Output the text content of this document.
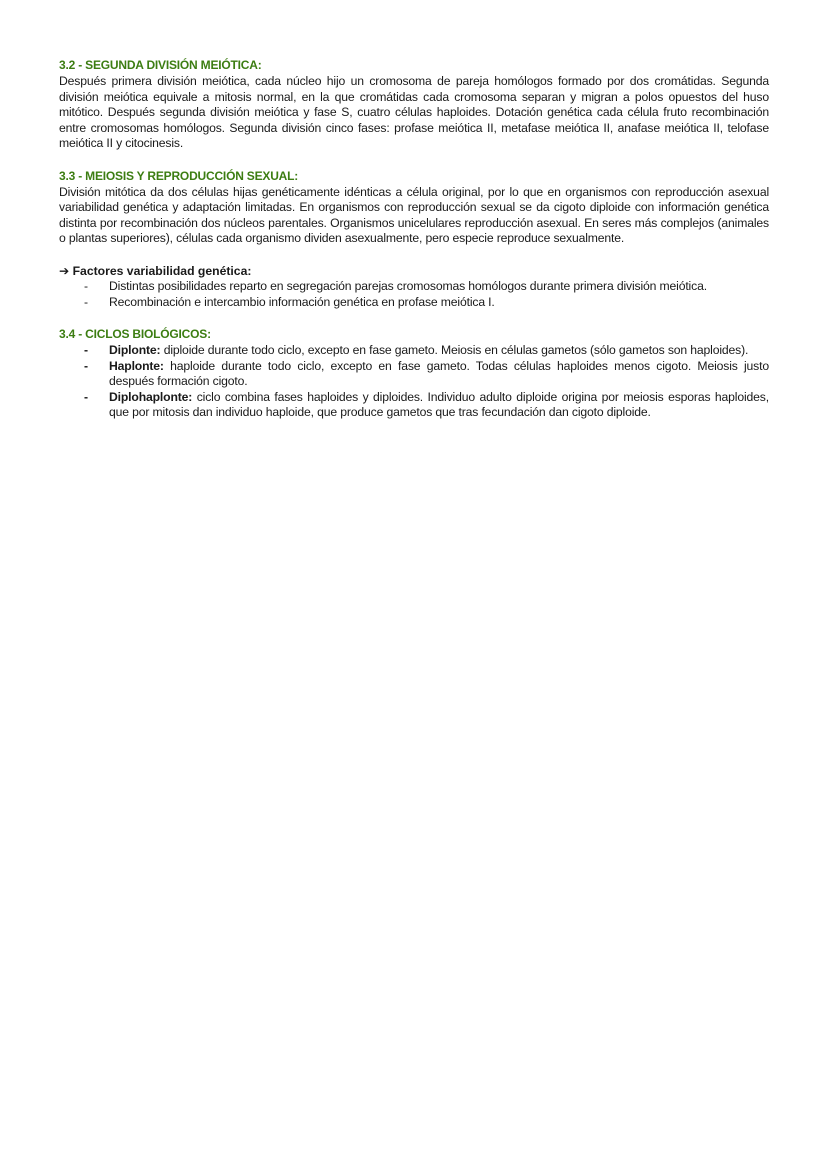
3.2 - SEGUNDA DIVISIÓN MEIÓTICA:

Después primera división meiótica, cada núcleo hijo un cromosoma de pareja homólogos formado por dos cromátidas. Segunda división meiótica equivale a mitosis normal, en la que cromátidas cada cromosoma separan y migran a polos opuestos del huso mitótico. Después segunda división meiótica y fase S, cuatro células haploides. Dotación genética cada célula fruto recombinación entre cromosomas homólogos. Segunda división cinco fases: profase meiótica II, metafase meiótica II, anafase meiótica II, telofase meiótica II y citocinesis.

3.3 - MEIOSIS Y REPRODUCCIÓN SEXUAL:

División mitótica da dos células hijas genéticamente idénticas a célula original, por lo que en organismos con reproducción asexual variabilidad genética y adaptación limitadas. En organismos con reproducción sexual se da cigoto diploide con información genética distinta por recombinación dos núcleos parentales. Organismos unicelulares reproducción asexual. En seres más complejos (animales o plantas superiores), células cada organismo dividen asexualmente, pero especie reproduce sexualmente.

➔ Factores variabilidad genética:

- Distintas posibilidades reparto en segregación parejas cromosomas homólogos durante primera división meiótica.
- Recombinación e intercambio información genética en profase meiótica I.

3.4 - CICLOS BIOLÓGICOS:

- Diplonte: diploide durante todo ciclo, excepto en fase gameto. Meiosis en células gametos (sólo gametos son haploides).
- Haplonte: haploide durante todo ciclo, excepto en fase gameto. Todas células haploides menos cigoto. Meiosis justo después formación cigoto.
- Diplohaplonte: ciclo combina fases haploides y diploides. Individuo adulto diploide origina por meiosis esporas haploides, que por mitosis dan individuo haploide, que produce gametos que tras fecundación dan cigoto diploide.
